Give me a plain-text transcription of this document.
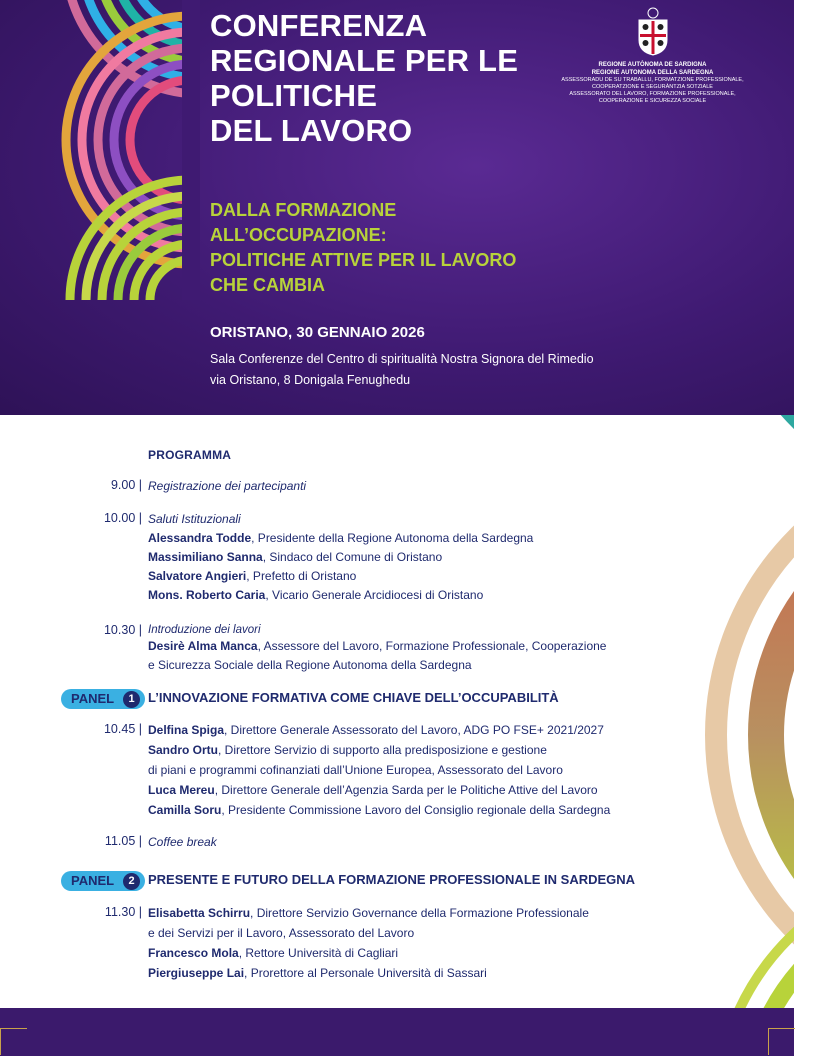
CONFERENZA
REGIONALE PER LE
POLITICHE
DEL LAVORO
DALLA FORMAZIONE
ALL’OCCUPAZIONE:
POLITICHE ATTIVE PER IL LAVORO
CHE CAMBIA
ORISTANO, 30 GENNAIO 2026
Sala Conferenze del Centro di spiritualità Nostra Signora del Rimedio
via Oristano, 8 Donigala Fenughedu
REGIONE AUTÒNOMA DE SARDIGNA
REGIONE AUTONOMA DELLA SARDEGNA
ASSESSORADU DE SU TRABALLU, FORMATZIONE PROFESSIONALE,
COOPERATZIONE E SEGURÀNTZIA SOTZIALE
ASSESSORATO DEL LAVORO, FORMAZIONE PROFESSIONALE,
COOPERAZIONE E SICUREZZA SOCIALE
PROGRAMMA
9.00 | Registrazione dei partecipanti
10.00 | Saluti Istituzionali
Alessandra Todde, Presidente della Regione Autonoma della Sardegna
Massimiliano Sanna, Sindaco del Comune di Oristano
Salvatore Angieri, Prefetto di Oristano
Mons. Roberto Caria, Vicario Generale Arcidiocesi di Oristano
10.30 | Introduzione dei lavori
Desirè Alma Manca, Assessore del Lavoro, Formazione Professionale, Cooperazione
e Sicurezza Sociale della Regione Autonoma della Sardegna
PANEL	1	L’INNOVAZIONE FORMATIVA COME CHIAVE DELL’OCCUPABILITÀ
10.45 | Delfina Spiga, Direttore Generale Assessorato del Lavoro, ADG PO FSE+ 2021/2027
Sandro Ortu, Direttore Servizio di supporto alla predisposizione e gestione
di piani e programmi cofinanziati dall’Unione Europea, Assessorato del Lavoro
Luca Mereu, Direttore Generale dell’Agenzia Sarda per le Politiche Attive del Lavoro
Camilla Soru, Presidente Commissione Lavoro del Consiglio regionale della Sardegna
11.05 | Coffee break
PANEL	2	PRESENTE E FUTURO DELLA FORMAZIONE PROFESSIONALE IN SARDEGNA
11.30 | Elisabetta Schirru, Direttore Servizio Governance della Formazione Professionale
e dei Servizi per il Lavoro, Assessorato del Lavoro
Francesco Mola, Rettore Università di Cagliari
Piergiuseppe Lai, Prorettore al Personale Università di Sassari
